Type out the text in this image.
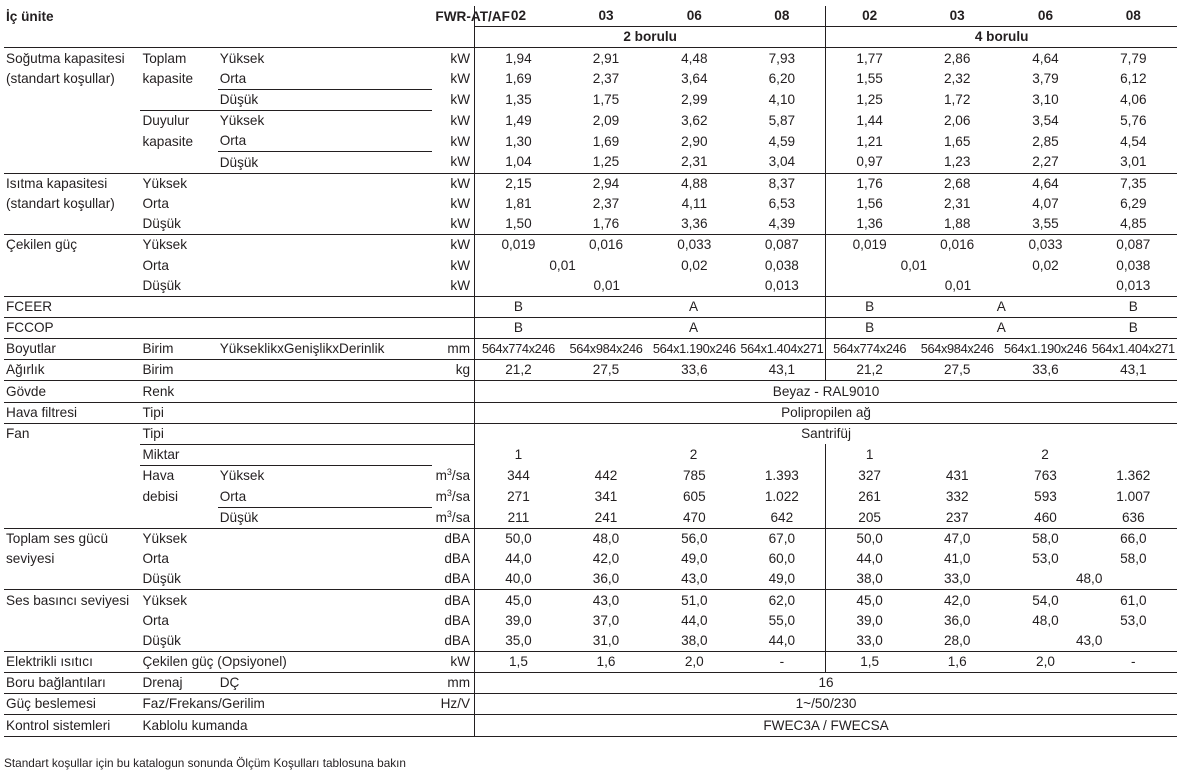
İç ünite			FWR-AT/AF	02	03	06	08	02	03	06	08
				2 borulu				4 borulu			
Soğutma kapasitesi	Toplam	Yüksek	kW	1,94	2,91	4,48	7,93	1,77	2,86	4,64	7,79
(standart koşullar)	kapasite	Orta	kW	1,69	2,37	3,64	6,20	1,55	2,32	3,79	6,12
		Düşük	kW	1,35	1,75	2,99	4,10	1,25	1,72	3,10	4,06
	Duyulur	Yüksek	kW	1,49	2,09	3,62	5,87	1,44	2,06	3,54	5,76
	kapasite	Orta	kW	1,30	1,69	2,90	4,59	1,21	1,65	2,85	4,54
		Düşük	kW	1,04	1,25	2,31	3,04	0,97	1,23	2,27	3,01
Isıtma kapasitesi	Yüksek		kW	2,15	2,94	4,88	8,37	1,76	2,68	4,64	7,35
(standart koşullar)	Orta		kW	1,81	2,37	4,11	6,53	1,56	2,31	4,07	6,29
	Düşük		kW	1,50	1,76	3,36	4,39	1,36	1,88	3,55	4,85
Çekilen güç	Yüksek		kW	0,019	0,016	0,033	0,087	0,019	0,016	0,033	0,087
	Orta		kW	0,01		0,02	0,038	0,01		0,02	0,038
	Düşük		kW	0,01			0,013	0,01			0,013
FCEER				B	A			B	A		B
FCCOP				B	A			B	A		B
Boyutlar	Birim	YükseklikxGenişlikxDerinlik	mm	564x774x246	564x984x246	564x1.190x246	564x1.404x271	564x774x246	564x984x246	564x1.190x246	564x1.404x271
Ağırlık	Birim		kg	21,2	27,5	33,6	43,1	21,2	27,5	33,6	43,1
Gövde	Renk			Beyaz - RAL9010							
Hava filtresi	Tipi			Polipropilen ağ							
Fan	Tipi			Santrifüj							
	Miktar			1	2			1	2		
	Hava	Yüksek	$m^3/sa$	344	442	785	1.393	327	431	763	1.362
	debisi	Orta	$m^3/sa$	271	341	605	1.022	261	332	593	1.007
		Düşük	$m^3/sa$	211	241	470	642	205	237	460	636
Toplam ses gücü	Yüksek		dBA	50,0	48,0	56,0	67,0	50,0	47,0	58,0	66,0
seviyesi	Orta		dBA	44,0	42,0	49,0	60,0	44,0	41,0	53,0	58,0
	Düşük		dBA	40,0	36,0	43,0	49,0	38,0	33,0	48,0	
Ses basıncı seviyesi	Yüksek		dBA	45,0	43,0	51,0	62,0	45,0	42,0	54,0	61,0
	Orta		dBA	39,0	37,0	44,0	55,0	39,0	36,0	48,0	53,0
	Düşük		dBA	35,0	31,0	38,0	44,0	33,0	28,0	43,0	
Elektrikli ısıtıcı	Çekilen güç (Opsiyonel)		kW	1,5	1,6	2,0	-	1,5	1,6	2,0	-
Boru bağlantıları	Drenaj	DÇ	mm	16							
Güç beslemesi	Faz/Frekans/Gerilim		Hz/V	1~/50/230							
Kontrol sistemleri	Kablolu kumanda			FWEC3A / FWECSA							
Standart koşullar için bu katalogun sonunda Ölçüm Koşulları tablosuna bakın
